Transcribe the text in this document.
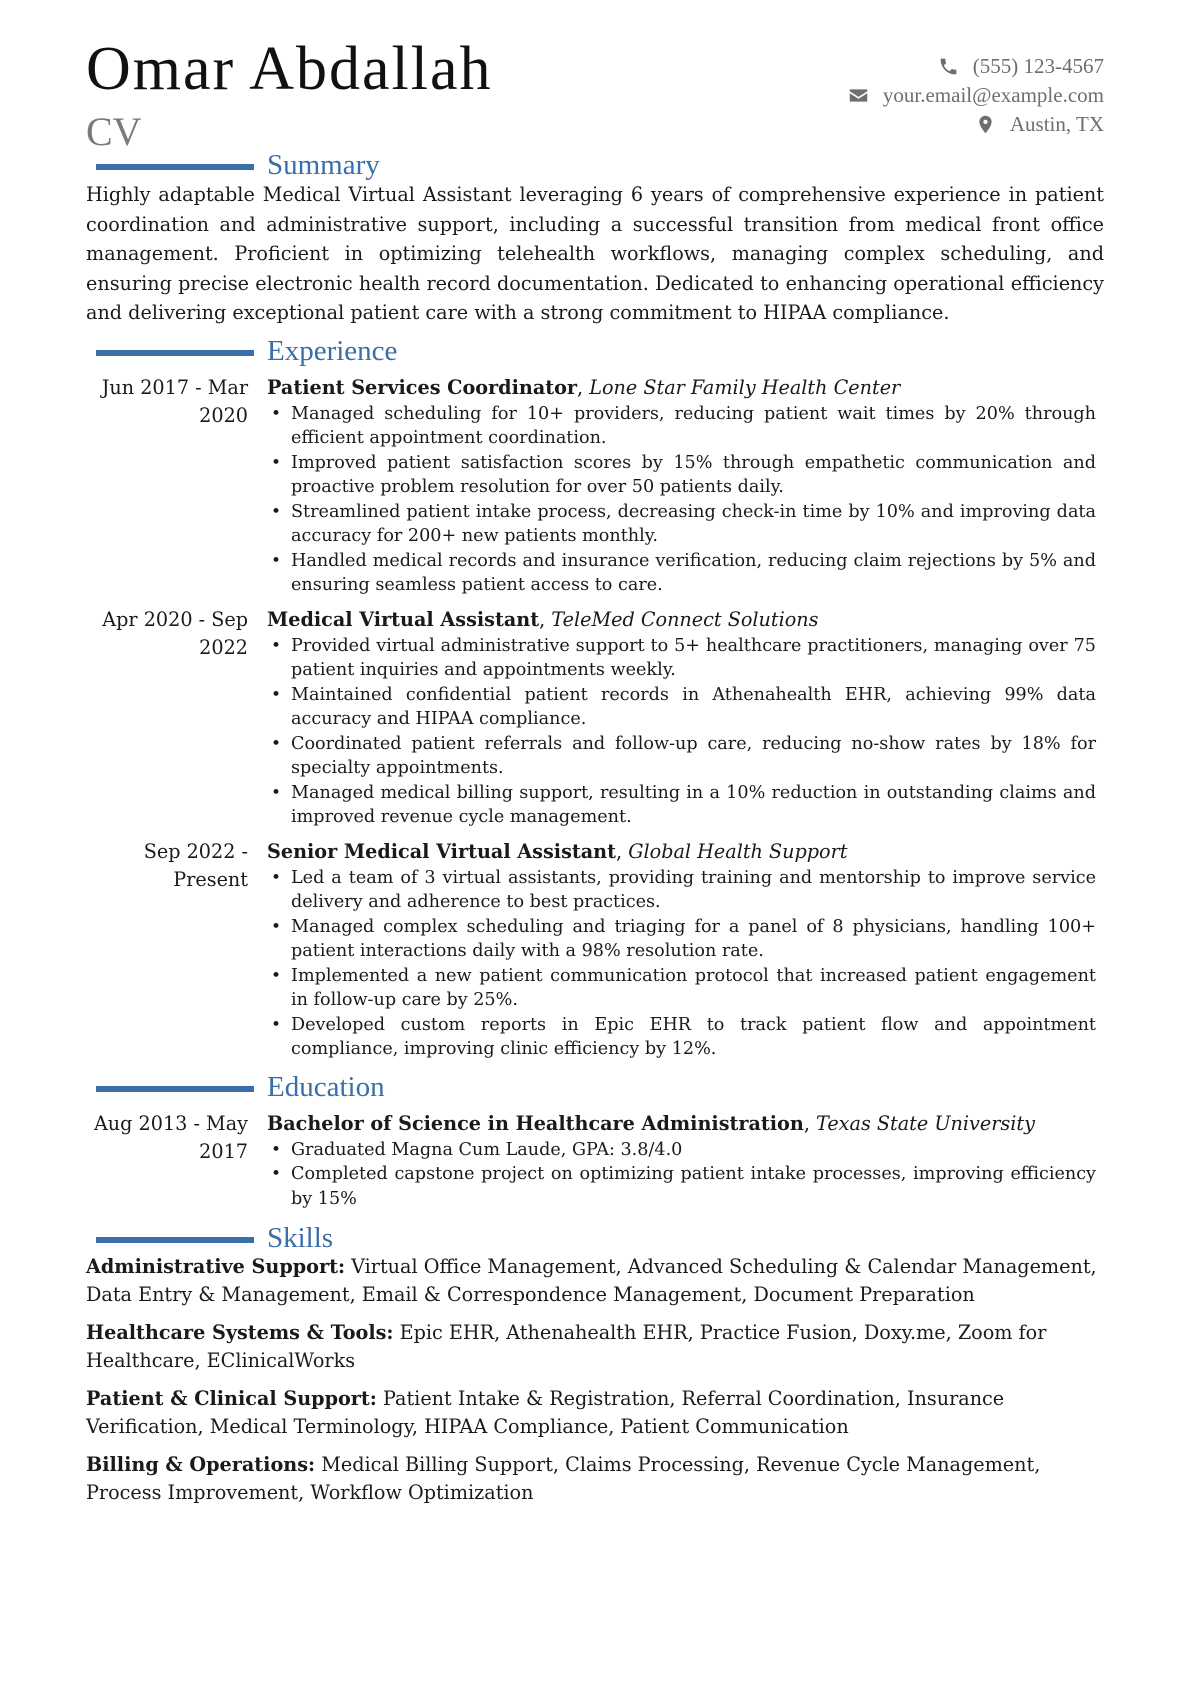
Omar Abdallah
CV
(555) 123-4567
your.email@example.com
Austin, TX
Summary

Highly adaptable Medical Virtual Assistant leveraging 6 years of comprehensive experience in patient coordination and administrative support, including a successful transition from medical front office management. Proficient in optimizing telehealth workflows, managing complex scheduling, and ensuring precise electronic health record documentation. Dedicated to enhancing operational efficiency and delivering exceptional patient care with a strong commitment to HIPAA compliance.

Experience
Jun 2017 - Mar 2020
Patient Services Coordinator, Lone Star Family Health Center
• Managed scheduling for 10+ providers, reducing patient wait times by 20% through efficient appointment coordination.
• Improved patient satisfaction scores by 15% through empathetic communication and proactive problem resolution for over 50 patients daily.
• Streamlined patient intake process, decreasing check-in time by 10% and improving data accuracy for 200+ new patients monthly.
• Handled medical records and insurance verification, reducing claim rejections by 5% and ensuring seamless patient access to care.
Apr 2020 - Sep 2022
Medical Virtual Assistant, TeleMed Connect Solutions
• Provided virtual administrative support to 5+ healthcare practitioners, managing over 75 patient inquiries and appointments weekly.
• Maintained confidential patient records in Athenahealth EHR, achieving 99% data accuracy and HIPAA compliance.
• Coordinated patient referrals and follow-up care, reducing no-show rates by 18% for specialty appointments.
• Managed medical billing support, resulting in a 10% reduction in outstanding claims and improved revenue cycle management.
Sep 2022 - Present
Senior Medical Virtual Assistant, Global Health Support
• Led a team of 3 virtual assistants, providing training and mentorship to improve service delivery and adherence to best practices.
• Managed complex scheduling and triaging for a panel of 8 physicians, handling 100+ patient interactions daily with a 98% resolution rate.
• Implemented a new patient communication protocol that increased patient engagement in follow-up care by 25%.
• Developed custom reports in Epic EHR to track patient flow and appointment compliance, improving clinic efficiency by 12%.
Education
Aug 2013 - May 2017
Bachelor of Science in Healthcare Administration, Texas State University
• Graduated Magna Cum Laude, GPA: 3.8/4.0
• Completed capstone project on optimizing patient intake processes, improving efficiency by 15%
Skills

Administrative Support: Virtual Office Management, Advanced Scheduling & Calendar Management, Data Entry & Management, Email & Correspondence Management, Document Preparation

Healthcare Systems & Tools: Epic EHR, Athenahealth EHR, Practice Fusion, Doxy.me, Zoom for Healthcare, EClinicalWorks

Patient & Clinical Support: Patient Intake & Registration, Referral Coordination, Insurance Verification, Medical Terminology, HIPAA Compliance, Patient Communication

Billing & Operations: Medical Billing Support, Claims Processing, Revenue Cycle Management, Process Improvement, Workflow Optimization
